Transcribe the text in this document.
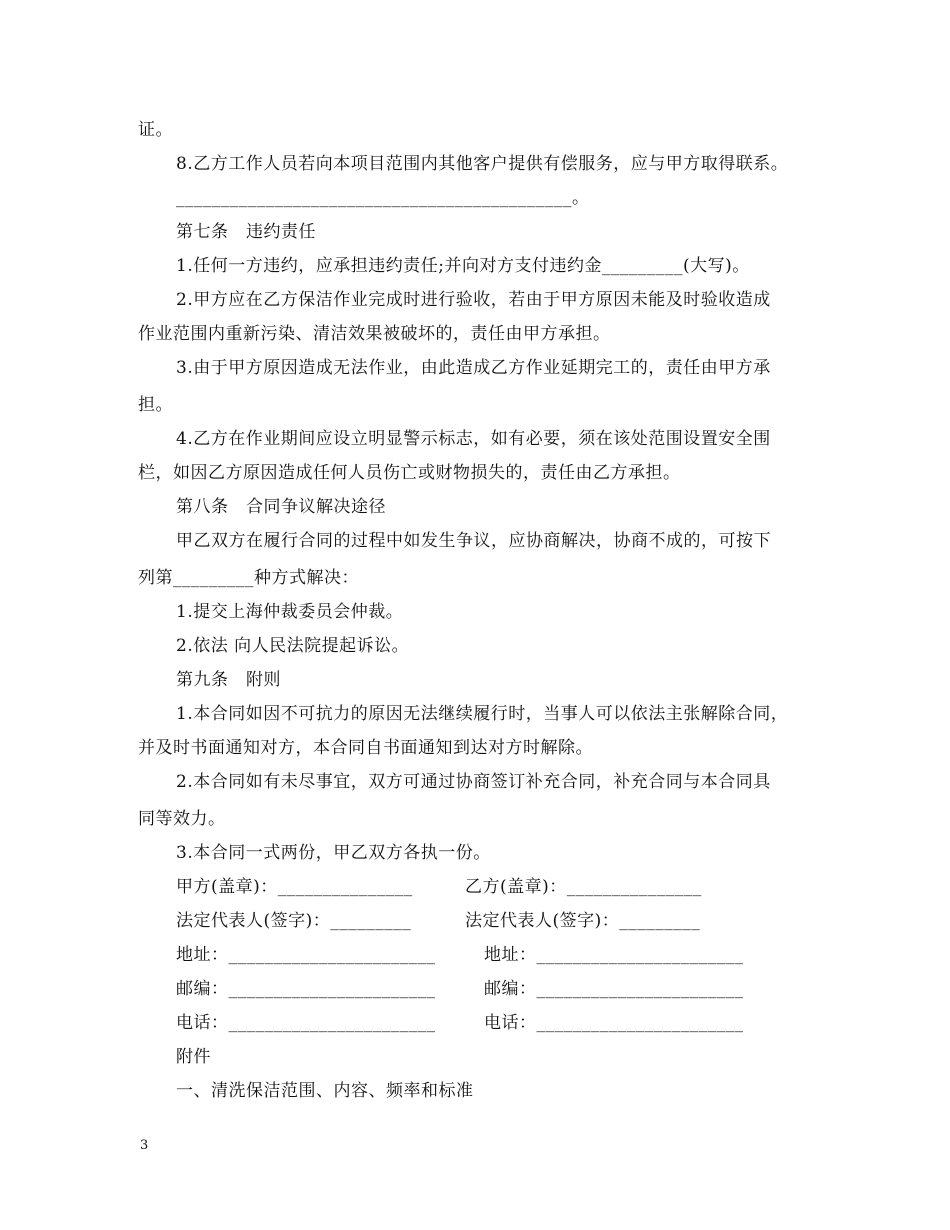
证。
8.乙方工作人员若向本项目范围内其他客户提供有偿服务，应与甲方取得联系。
____________________________________________。
第七条　违约责任
1.任何一方违约，应承担违约责任;并向对方支付违约金_________(大写)。
2.甲方应在乙方保洁作业完成时进行验收，若由于甲方原因未能及时验收造成
作业范围内重新污染、清洁效果被破坏的，责任由甲方承担。
3.由于甲方原因造成无法作业，由此造成乙方作业延期完工的，责任由甲方承
担。
4.乙方在作业期间应设立明显警示标志，如有必要，须在该处范围设置安全围
栏，如因乙方原因造成任何人员伤亡或财物损失的，责任由乙方承担。
第八条　合同争议解决途径
甲乙双方在履行合同的过程中如发生争议，应协商解决，协商不成的，可按下
列第_________种方式解决：
1.提交上海仲裁委员会仲裁。
2.依法 向人民法院提起诉讼。
第九条　附则
1.本合同如因不可抗力的原因无法继续履行时，当事人可以依法主张解除合同，
并及时书面通知对方，本合同自书面通知到达对方时解除。
2.本合同如有未尽事宜，双方可通过协商签订补充合同，补充合同与本合同具
同等效力。
3.本合同一式两份，甲乙双方各执一份。
甲方(盖章)：_______________	乙方(盖章)：_______________
法定代表人(签字)：_________	法定代表人(签字)：_________
地址：_______________________	地址：_______________________
邮编：_______________________	邮编：_______________________
电话：_______________________	电话：_______________________
附件
一、清洗保洁范围、内容、频率和标准
3
